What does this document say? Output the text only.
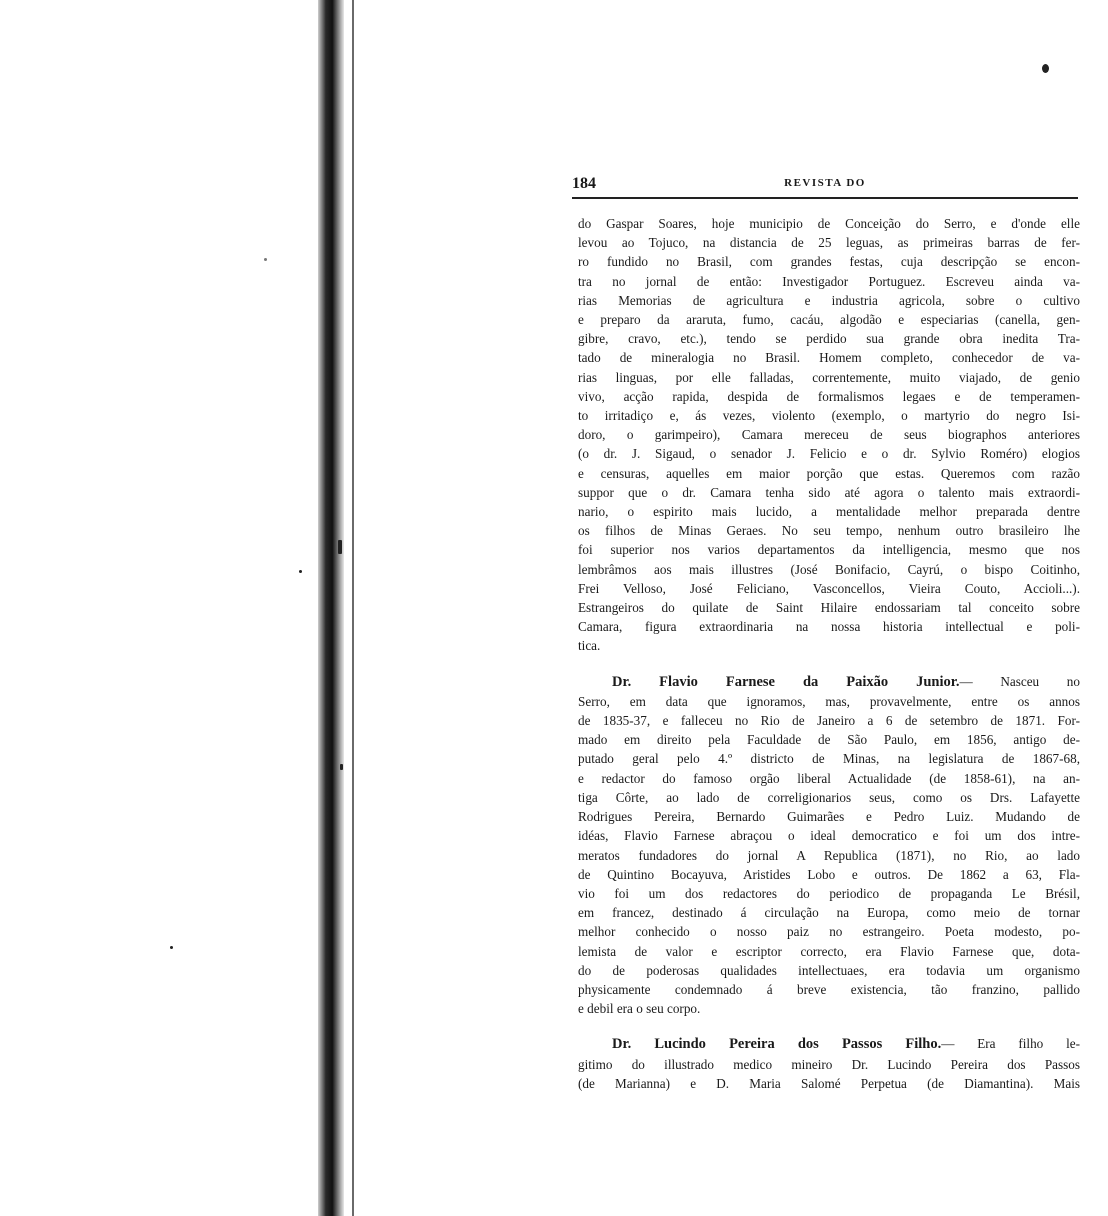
184	REVISTA DO

do Gaspar Soares, hoje municipio de Conceição do Serro, e d'onde elle
levou ao Tojuco, na distancia de 25 leguas, as primeiras barras de fer-
ro fundido no Brasil, com grandes festas, cuja descripção se encon-
tra no jornal de então: Investigador Portuguez. Escreveu ainda va-
rias Memorias de agricultura e industria agricola, sobre o cultivo
e preparo da araruta, fumo, cacáu, algodão e especiarias (canella, gen-
gibre, cravo, etc.), tendo se perdido sua grande obra inedita Tra-
tado de mineralogia no Brasil. Homem completo, conhecedor de va-
rias linguas, por elle falladas, correntemente, muito viajado, de genio
vivo, acção rapida, despida de formalismos legaes e de temperamen-
to irritadiço e, ás vezes, violento (exemplo, o martyrio do negro Isi-
doro, o garimpeiro), Camara mereceu de seus biographos anteriores
(o dr. J. Sigaud, o senador J. Felicio e o dr. Sylvio Roméro) elogios
e censuras, aquelles em maior porção que estas. Queremos com razão
suppor que o dr. Camara tenha sido até agora o talento mais extraordi-
nario, o espirito mais lucido, a mentalidade melhor preparada dentre
os filhos de Minas Geraes. No seu tempo, nenhum outro brasileiro lhe
foi superior nos varios departamentos da intelligencia, mesmo que nos
lembrâmos aos mais illustres (José Bonifacio, Cayrú, o bispo Coitinho,
Frei Velloso, José Feliciano, Vasconcellos, Vieira Couto, Accioli...).
Estrangeiros do quilate de Saint Hilaire endossariam tal conceito sobre
Camara, figura extraordinaria na nossa historia intellectual e poli-
tica.

Dr. Flavio Farnese da Paixão Junior.— Nasceu no
Serro, em data que ignoramos, mas, provavelmente, entre os annos
de 1835-37, e falleceu no Rio de Janeiro a 6 de setembro de 1871. For-
mado em direito pela Faculdade de São Paulo, em 1856, antigo de-
putado geral pelo 4.º districto de Minas, na legislatura de 1867-68,
e redactor do famoso orgão liberal Actualidade (de 1858-61), na an-
tiga Côrte, ao lado de correligionarios seus, como os Drs. Lafayette
Rodrigues Pereira, Bernardo Guimarães e Pedro Luiz. Mudando de
idéas, Flavio Farnese abraçou o ideal democratico e foi um dos intre-
meratos fundadores do jornal A Republica (1871), no Rio, ao lado
de Quintino Bocayuva, Aristides Lobo e outros. De 1862 a 63, Fla-
vio foi um dos redactores do periodico de propaganda Le Brésil,
em francez, destinado á circulação na Europa, como meio de tornar
melhor conhecido o nosso paiz no estrangeiro. Poeta modesto, po-
lemista de valor e escriptor correcto, era Flavio Farnese que, dota-
do de poderosas qualidades intellectuaes, era todavia um organismo
physicamente condemnado á breve existencia, tão franzino, pallido
e debil era o seu corpo.

Dr. Lucindo Pereira dos Passos Filho.— Era filho le-
gitimo do illustrado medico mineiro Dr. Lucindo Pereira dos Passos
(de Marianna) e D. Maria Salomé Perpetua (de Diamantina). Mais
